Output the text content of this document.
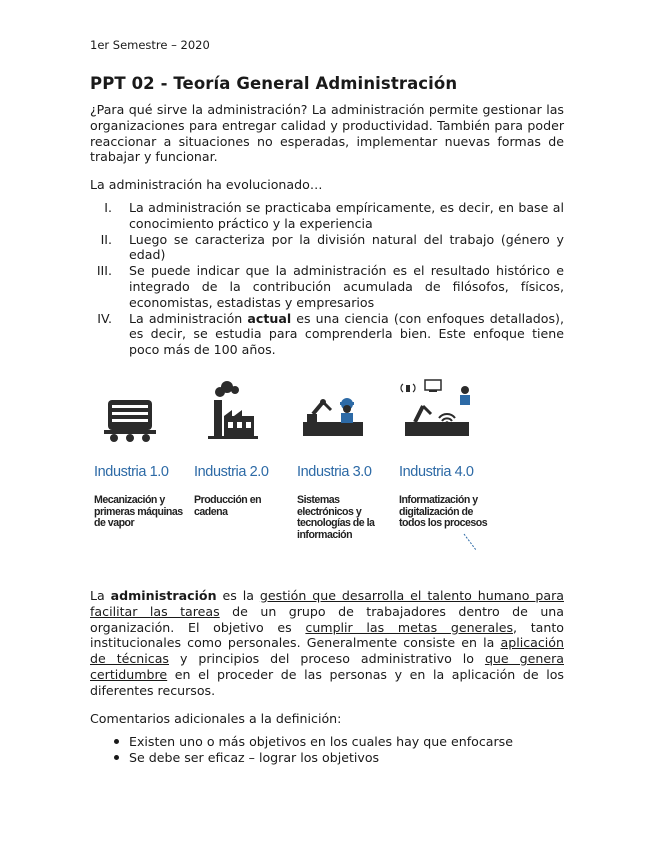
1er Semestre – 2020
PPT 02 - Teoría General Administración

¿Para qué sirve la administración? La administración permite gestionar las organizaciones para entregar calidad y productividad. También para poder reaccionar a situaciones no esperadas, implementar nuevas formas de trabajar y funcionar.

La administración ha evolucionado…

I. La administración se practicaba empíricamente, es decir, en base al conocimiento práctico y la experiencia
II. Luego se caracteriza por la división natural del trabajo (género y edad)
III. Se puede indicar que la administración es el resultado histórico e integrado de la contribución acumulada de filósofos, físicos, economistas, estadistas y empresarios
IV. La administración actual es una ciencia (con enfoques detallados), es decir, se estudia para comprenderla bien. Este enfoque tiene poco más de 100 años.
Industria 1.0
Mecanización y primeras máquinas de vapor
Industria 2.0
Producción en cadena
Industria 3.0
Sistemas electrónicos y tecnologías de la información
Industria 4.0
Informatización y digitalización de todos los procesos

La administración es la gestión que desarrolla el talento humano para facilitar las tareas de un grupo de trabajadores dentro de una organización. El objetivo es cumplir las metas generales, tanto institucionales como personales. Generalmente consiste en la aplicación de técnicas y principios del proceso administrativo lo que genera certidumbre en el proceder de las personas y en la aplicación de los diferentes recursos.

Comentarios adicionales a la definición:

Existen uno o más objetivos en los cuales hay que enfocarse
Se debe ser eficaz – lograr los objetivos
